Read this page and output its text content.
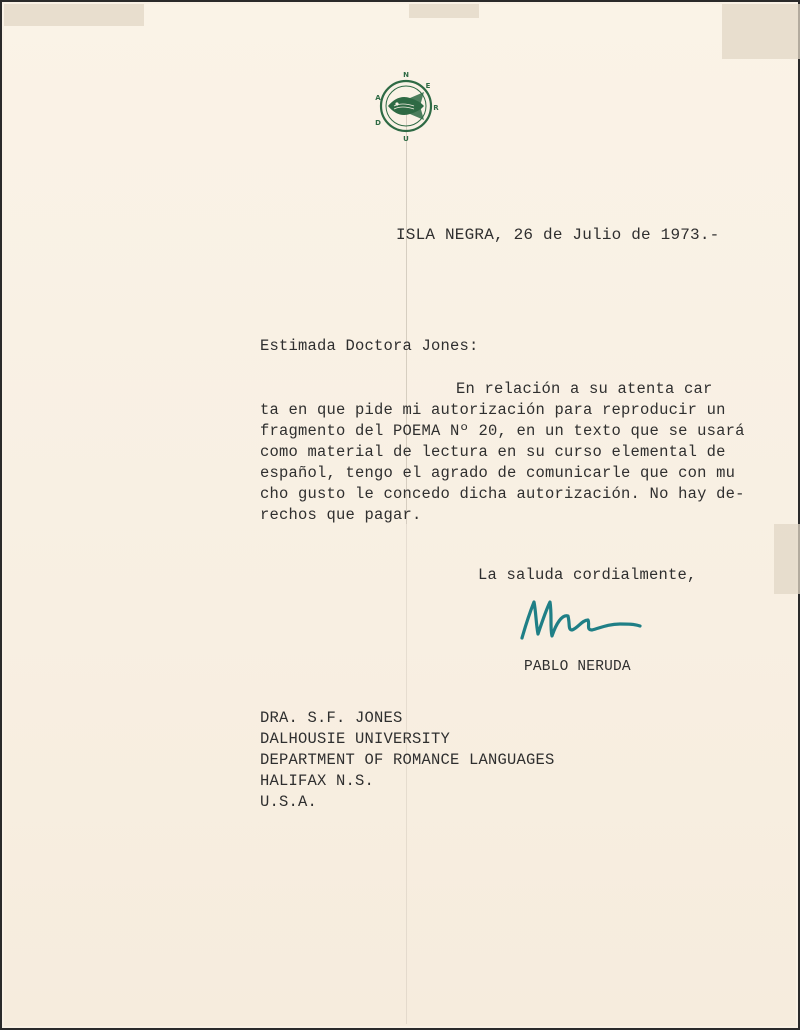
N
E
R
U
D
A
ISLA NEGRA, 26 de Julio de 1973.-
Estimada Doctora Jones:
En relación a su atenta car
ta en que pide mi autorización para reproducir un
fragmento del POEMA Nº 20, en un texto que se usará
como material de lectura en su curso elemental de
español, tengo el agrado de comunicarle que con mu
cho gusto le concedo dicha autorización. No hay de-
rechos que pagar.
La saluda cordialmente,
PABLO NERUDA
DRA. S.F. JONES
DALHOUSIE UNIVERSITY
DEPARTMENT OF ROMANCE LANGUAGES
HALIFAX N.S.
U.S.A.
